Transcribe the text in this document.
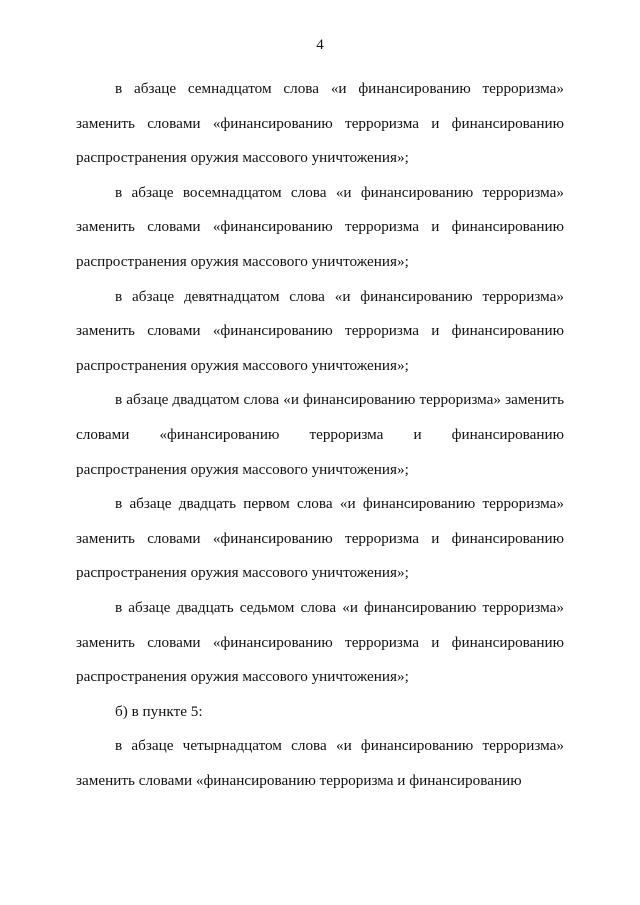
4

в абзаце семнадцатом слова «и финансированию терроризма» заменить словами «финансированию терроризма и финансированию распространения оружия массового уничтожения»;

в абзаце восемнадцатом слова «и финансированию терроризма» заменить словами «финансированию терроризма и финансированию распространения оружия массового уничтожения»;

в абзаце девятнадцатом слова «и финансированию терроризма» заменить словами «финансированию терроризма и финансированию распространения оружия массового уничтожения»;

в абзаце двадцатом слова «и финансированию терроризма» заменить словами «финансированию терроризма и финансированию распространения оружия массового уничтожения»;

в абзаце двадцать первом слова «и финансированию терроризма» заменить словами «финансированию терроризма и финансированию распространения оружия массового уничтожения»;

в абзаце двадцать седьмом слова «и финансированию терроризма» заменить словами «финансированию терроризма и финансированию распространения оружия массового уничтожения»;

б) в пункте 5:

в абзаце четырнадцатом слова «и финансированию терроризма» заменить словами «финансированию терроризма и финансированию
